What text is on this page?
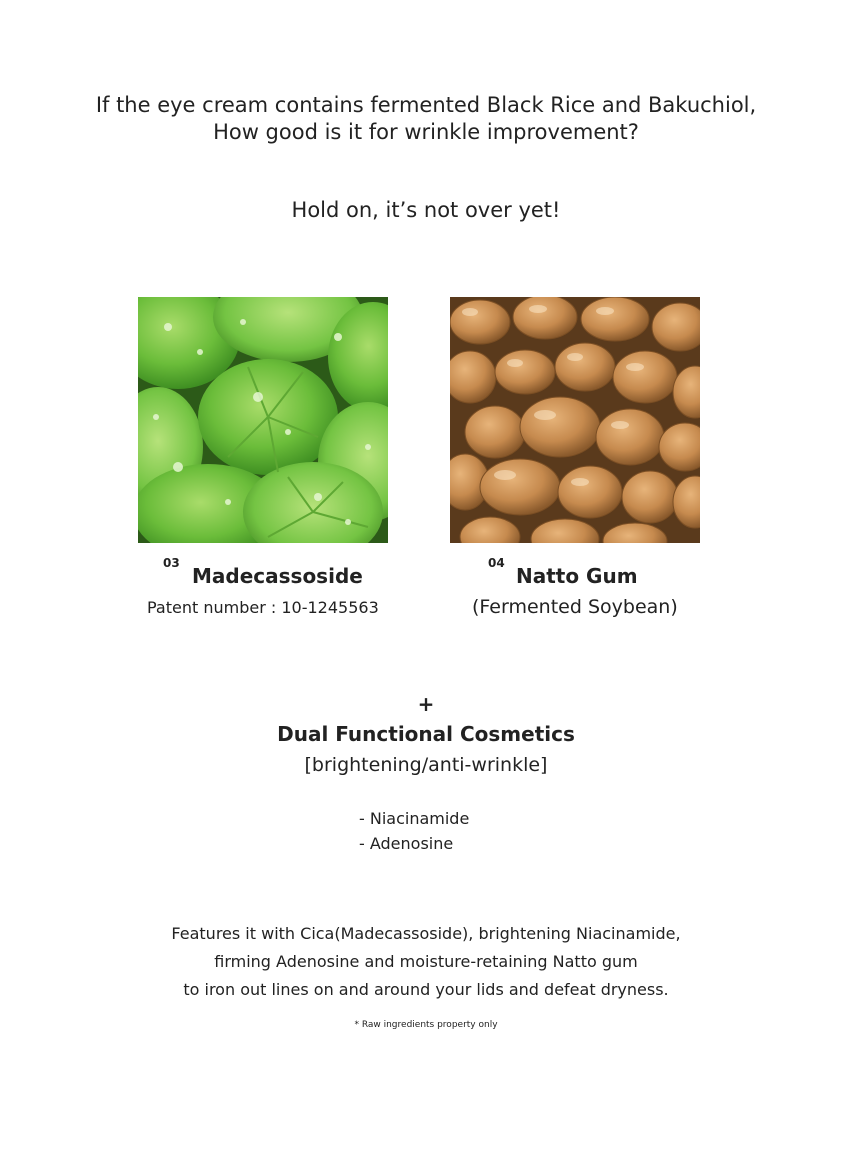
If the eye cream contains fermented Black Rice and Bakuchiol,
How good is it for wrinkle improvement?
Hold on, it’s not over yet!
03
Madecassoside
Patent number : 10-1245563
04
Natto Gum
(Fermented Soybean)
+
Dual Functional Cosmetics
[brightening/anti-wrinkle]
- Niacinamide
- Adenosine
Features it with Cica(Madecassoside), brightening Niacinamide,
firming Adenosine and moisture-retaining Natto gum
to iron out lines on and around your lids and defeat dryness.
* Raw ingredients property only
